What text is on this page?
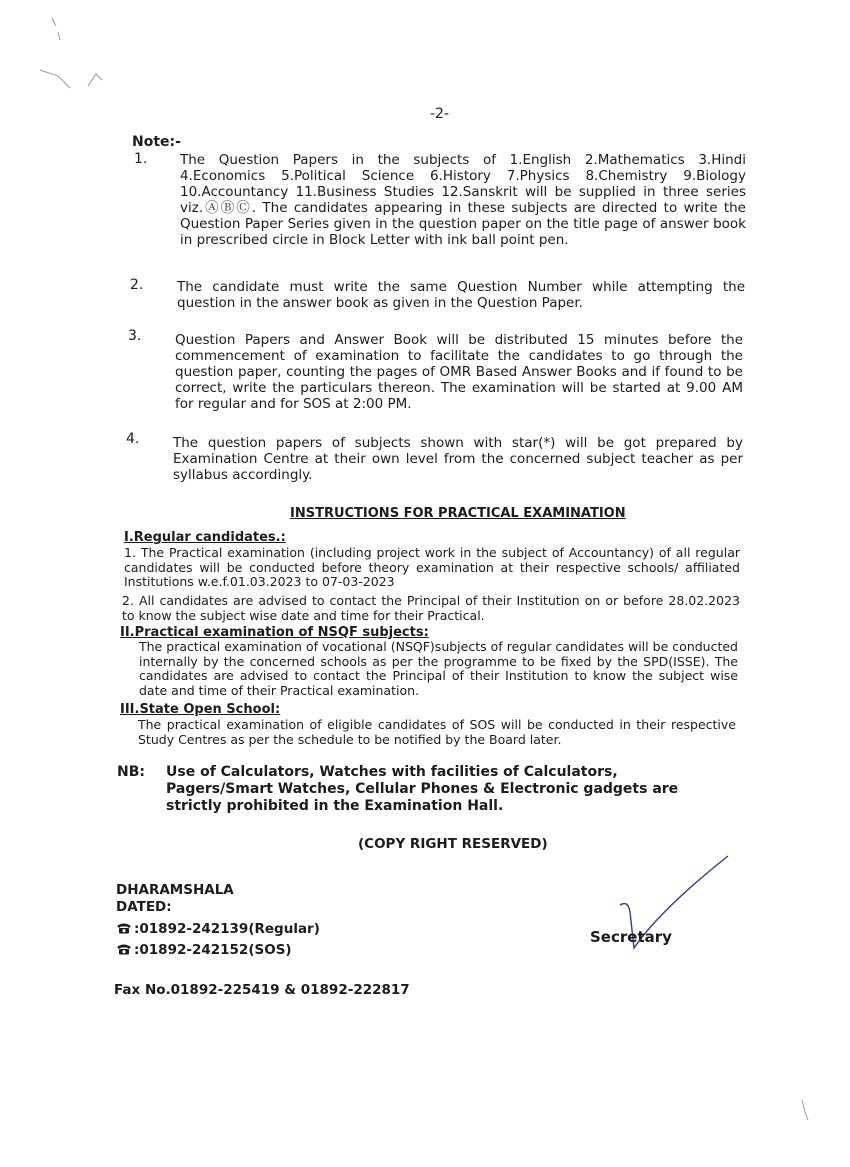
-2-
Note:-
1. The Question Papers in the subjects of 1.English 2.Mathematics 3.Hindi 4.Economics 5.Political Science 6.History 7.Physics 8.Chemistry 9.Biology 10.Accountancy 11.Business Studies 12.Sanskrit will be supplied in three series viz.ⒶⒷⒸ. The candidates appearing in these subjects are directed to write the Question Paper Series given in the question paper on the title page of answer book in prescribed circle in Block Letter with ink ball point pen.
2. The candidate must write the same Question Number while attempting the question in the answer book as given in the Question Paper.
3. Question Papers and Answer Book will be distributed 15 minutes before the commencement of examination to facilitate the candidates to go through the question paper, counting the pages of OMR Based Answer Books and if found to be correct, write the particulars thereon. The examination will be started at 9.00 AM for regular and for SOS at 2:00 PM.
4. The question papers of subjects shown with star(*) will be got prepared by Examination Centre at their own level from the concerned subject teacher as per syllabus accordingly.
INSTRUCTIONS FOR PRACTICAL EXAMINATION
I.Regular candidates.:
1. The Practical examination (including project work in the subject of Accountancy) of all regular candidates will be conducted before theory examination at their respective schools/ affiliated Institutions w.e.f.01.03.2023 to 07-03-2023
2. All candidates are advised to contact the Principal of their Institution on or before 28.02.2023 to know the subject wise date and time for their Practical.
II.Practical examination of NSQF subjects:
The practical examination of vocational (NSQF)subjects of regular candidates will be conducted internally by the concerned schools as per the programme to be fixed by the SPD(ISSE). The candidates are advised to contact the Principal of their Institution to know the subject wise date and time of their Practical examination.
III.State Open School:
The practical examination of eligible candidates of SOS will be conducted in their respective Study Centres as per the schedule to be notified by the Board later.
NB: Use of Calculators, Watches with facilities of Calculators, Pagers/Smart Watches, Cellular Phones & Electronic gadgets are strictly prohibited in the Examination Hall.
(COPY RIGHT RESERVED)
DHARAMSHALA
DATED:
:01892-242139(Regular)
:01892-242152(SOS)
Fax No.01892-225419 & 01892-222817
Secretary
